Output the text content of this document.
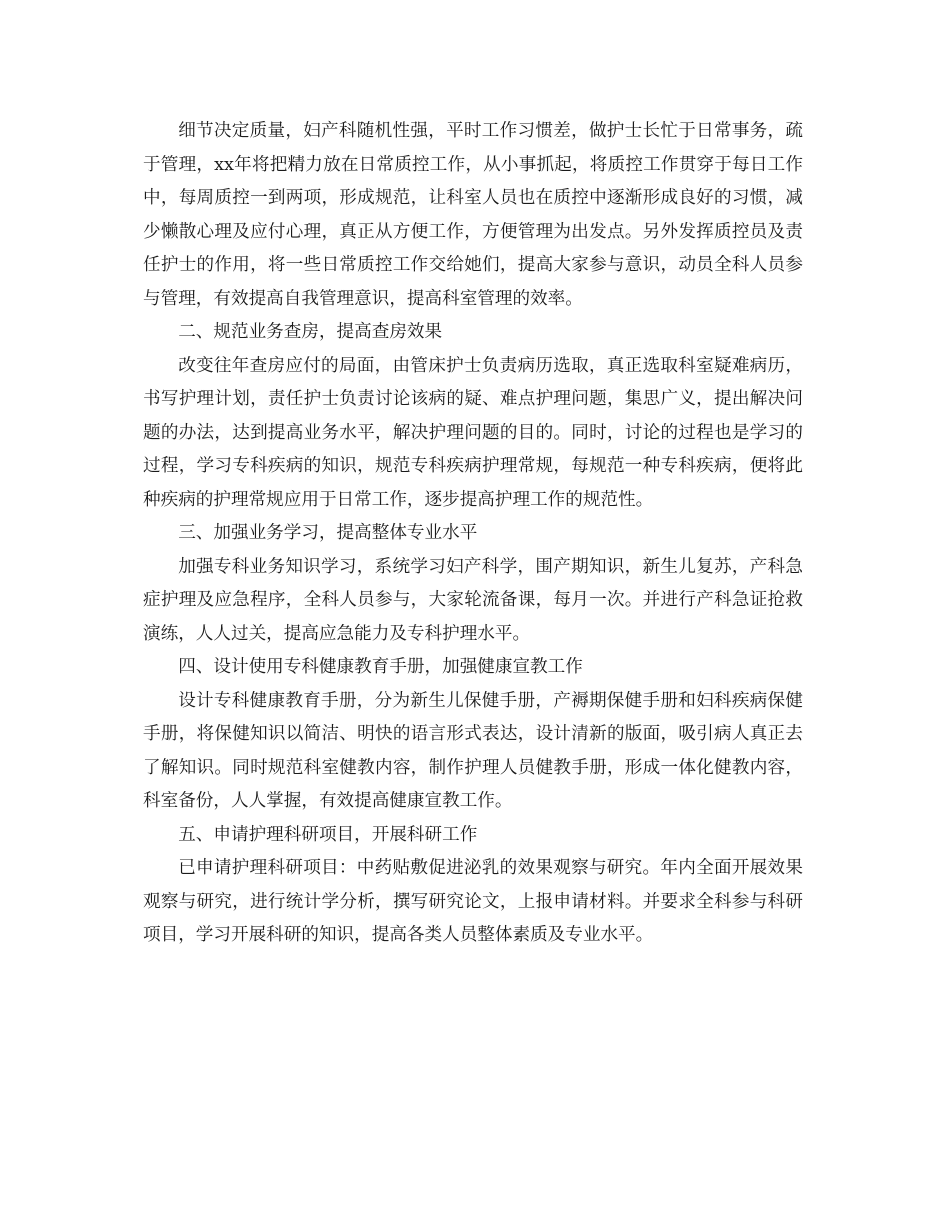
细节决定质量，妇产科随机性强，平时工作习惯差，做护士长忙于日常事务，疏于管理，xx年将把精力放在日常质控工作，从小事抓起，将质控工作贯穿于每日工作中，每周质控一到两项，形成规范，让科室人员也在质控中逐渐形成良好的习惯，减少懒散心理及应付心理，真正从方便工作，方便管理为出发点。另外发挥质控员及责任护士的作用，将一些日常质控工作交给她们，提高大家参与意识，动员全科人员参与管理，有效提高自我管理意识，提高科室管理的效率。

二、规范业务查房，提高查房效果

改变往年查房应付的局面，由管床护士负责病历选取，真正选取科室疑难病历，书写护理计划，责任护士负责讨论该病的疑、难点护理问题，集思广义，提出解决问题的办法，达到提高业务水平，解决护理问题的目的。同时，讨论的过程也是学习的过程，学习专科疾病的知识，规范专科疾病护理常规，每规范一种专科疾病，便将此种疾病的护理常规应用于日常工作，逐步提高护理工作的规范性。

三、加强业务学习，提高整体专业水平

加强专科业务知识学习，系统学习妇产科学，围产期知识，新生儿复苏，产科急症护理及应急程序，全科人员参与，大家轮流备课，每月一次。并进行产科急证抢救演练，人人过关，提高应急能力及专科护理水平。

四、设计使用专科健康教育手册，加强健康宣教工作

设计专科健康教育手册，分为新生儿保健手册，产褥期保健手册和妇科疾病保健手册，将保健知识以简洁、明快的语言形式表达，设计清新的版面，吸引病人真正去了解知识。同时规范科室健教内容，制作护理人员健教手册，形成一体化健教内容，科室备份，人人掌握，有效提高健康宣教工作。

五、申请护理科研项目，开展科研工作

已申请护理科研项目：中药贴敷促进泌乳的效果观察与研究。年内全面开展效果观察与研究，进行统计学分析，撰写研究论文，上报申请材料。并要求全科参与科研项目，学习开展科研的知识，提高各类人员整体素质及专业水平。
